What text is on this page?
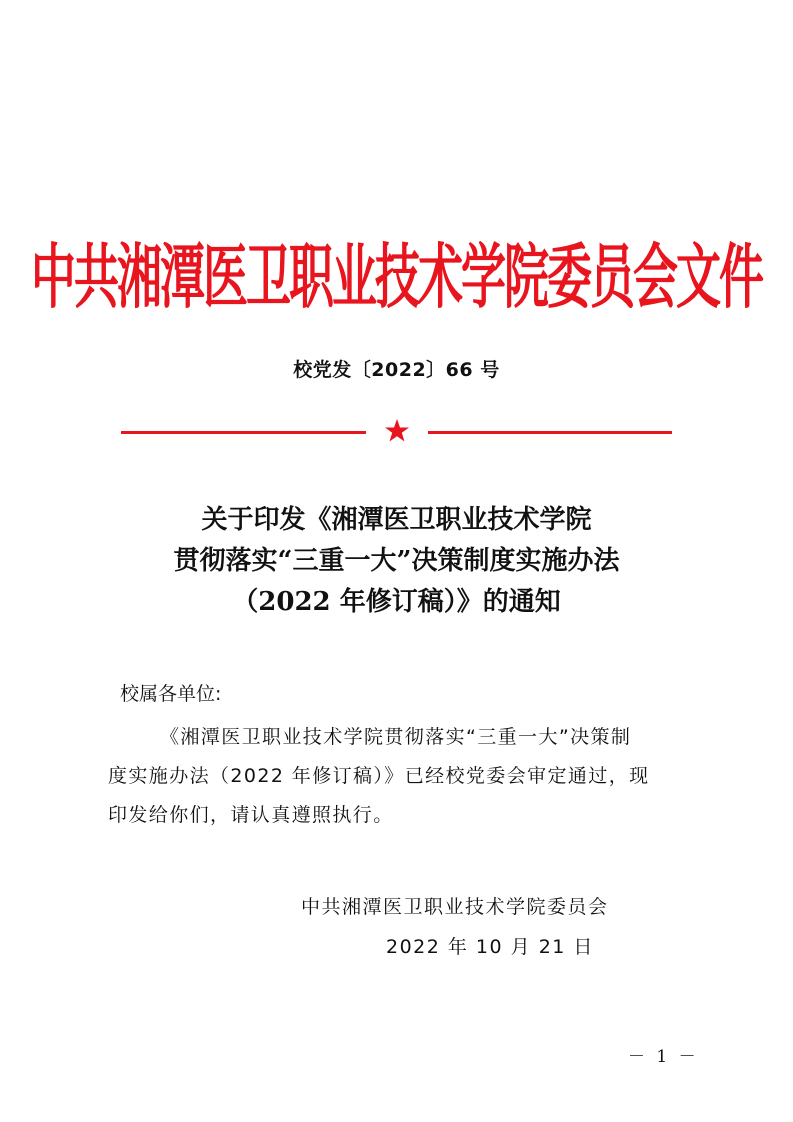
中共湘潭医卫职业技术学院委员会文件
校党发〔2022〕66 号
关于印发《湘潭医卫职业技术学院
贯彻落实“三重一大”决策制度实施办法
（2022 年修订稿）》的通知
校属各单位:
《湘潭医卫职业技术学院贯彻落实“三重一大”决策制
度实施办法（2022 年修订稿）》已经校党委会审定通过，现
印发给你们，请认真遵照执行。
中共湘潭医卫职业技术学院委员会
2022 年 10 月 21 日
－ 1 －
